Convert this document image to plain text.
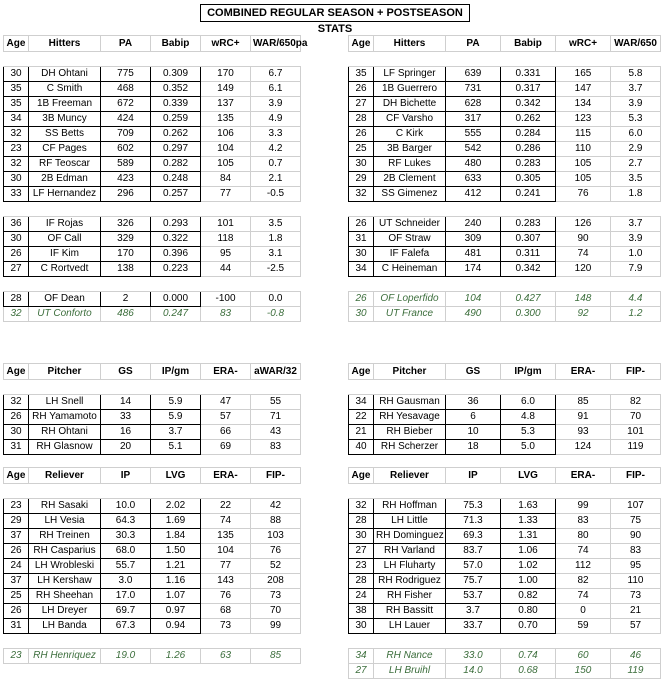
COMBINED REGULAR SEASON + POSTSEASON STATS
Age	Hitters	PA	Babip	wRC+	WAR/650pa

30	DH Ohtani	775	0.309	170	6.7
35	C Smith	468	0.352	149	6.1
35	1B Freeman	672	0.339	137	3.9
34	3B Muncy	424	0.259	135	4.9
32	SS Betts	709	0.262	106	3.3
23	CF Pages	602	0.297	104	4.2
32	RF Teoscar	589	0.282	105	0.7
30	2B Edman	423	0.248	84	2.1
33	LF Hernandez	296	0.257	77	-0.5

36	IF Rojas	326	0.293	101	3.5
30	OF Call	329	0.322	118	1.8
26	IF Kim	170	0.396	95	3.1
27	C Rortvedt	138	0.223	44	-2.5

28	OF Dean	2	0.000	-100	0.0
32	UT Conforto	486	0.247	83	-0.8
Age	Hitters	PA	Babip	wRC+	WAR/650

35	LF Springer	639	0.331	165	5.8
26	1B Guerrero	731	0.317	147	3.7
27	DH Bichette	628	0.342	134	3.9
28	CF Varsho	317	0.262	123	5.3
26	C Kirk	555	0.284	115	6.0
25	3B Barger	542	0.286	110	2.9
30	RF Lukes	480	0.283	105	2.7
29	2B Clement	633	0.305	105	3.5
32	SS Gimenez	412	0.241	76	1.8

26	UT Schneider	240	0.283	126	3.7
31	OF Straw	309	0.307	90	3.9
30	IF Falefa	481	0.311	74	1.0
34	C Heineman	174	0.342	120	7.9

26	OF Loperfido	104	0.427	148	4.4
30	UT France	490	0.300	92	1.2
Age	Pitcher	GS	IP/gm	ERA-	aWAR/32

32	LH Snell	14	5.9	47	55
26	RH Yamamoto	33	5.9	57	71
30	RH Ohtani	16	3.7	66	43
31	RH Glasnow	20	5.1	69	83
Age	Pitcher	GS	IP/gm	ERA-	FIP-

34	RH Gausman	36	6.0	85	82
22	RH Yesavage	6	4.8	91	70
21	RH Bieber	10	5.3	93	101
40	RH Scherzer	18	5.0	124	119
Age	Reliever	IP	LVG	ERA-	FIP-

23	RH Sasaki	10.0	2.02	22	42
29	LH Vesia	64.3	1.69	74	88
37	RH Treinen	30.3	1.84	135	103
26	RH Casparius	68.0	1.50	104	76
24	LH Wrobleski	55.7	1.21	77	52
37	LH Kershaw	3.0	1.16	143	208
25	RH Sheehan	17.0	1.07	76	73
26	LH Dreyer	69.7	0.97	68	70
31	LH Banda	67.3	0.94	73	99

23	RH Henriquez	19.0	1.26	63	85
Age	Reliever	IP	LVG	ERA-	FIP-

32	RH Hoffman	75.3	1.63	99	107
28	LH Little	71.3	1.33	83	75
30	RH Dominguez	69.3	1.31	80	90
27	RH Varland	83.7	1.06	74	83
23	LH Fluharty	57.0	1.02	112	95
28	RH Rodriguez	75.7	1.00	82	110
24	RH Fisher	53.7	0.82	74	73
38	RH Bassitt	3.7	0.80	0	21
30	LH Lauer	33.7	0.70	59	57

34	RH Nance	33.0	0.74	60	46
27	LH Bruihl	14.0	0.68	150	119
